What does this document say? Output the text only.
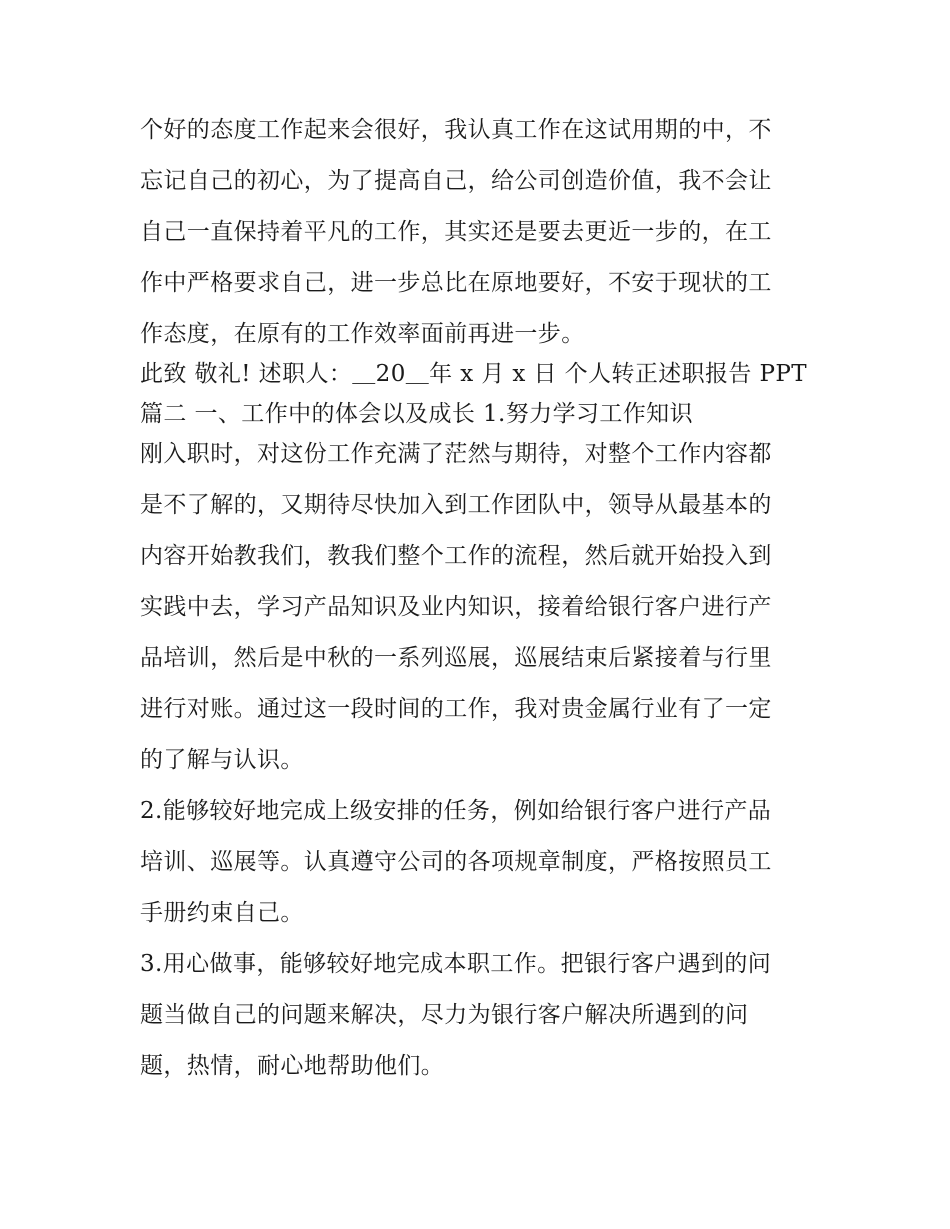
个好的态度工作起来会很好，我认真工作在这试用期的中，不
忘记自己的初心，为了提高自己，给公司创造价值，我不会让
自己一直保持着平凡的工作，其实还是要去更近一步的，在工
作中严格要求自己，进一步总比在原地要好，不安于现状的工
作态度，在原有的工作效率面前再进一步。
此致 敬礼! 述职人：＿20＿年 x 月 x 日 个人转正述职报告 PPT
篇二 一、工作中的体会以及成长 1.努力学习工作知识
刚入职时，对这份工作充满了茫然与期待，对整个工作内容都
是不了解的，又期待尽快加入到工作团队中，领导从最基本的
内容开始教我们，教我们整个工作的流程，然后就开始投入到
实践中去，学习产品知识及业内知识，接着给银行客户进行产
品培训，然后是中秋的一系列巡展，巡展结束后紧接着与行里
进行对账。通过这一段时间的工作，我对贵金属行业有了一定
的了解与认识。
2.能够较好地完成上级安排的任务，例如给银行客户进行产品
培训、巡展等。认真遵守公司的各项规章制度，严格按照员工
手册约束自己。
3.用心做事，能够较好地完成本职工作。把银行客户遇到的问
题当做自己的问题来解决，尽力为银行客户解决所遇到的问
题，热情，耐心地帮助他们。
